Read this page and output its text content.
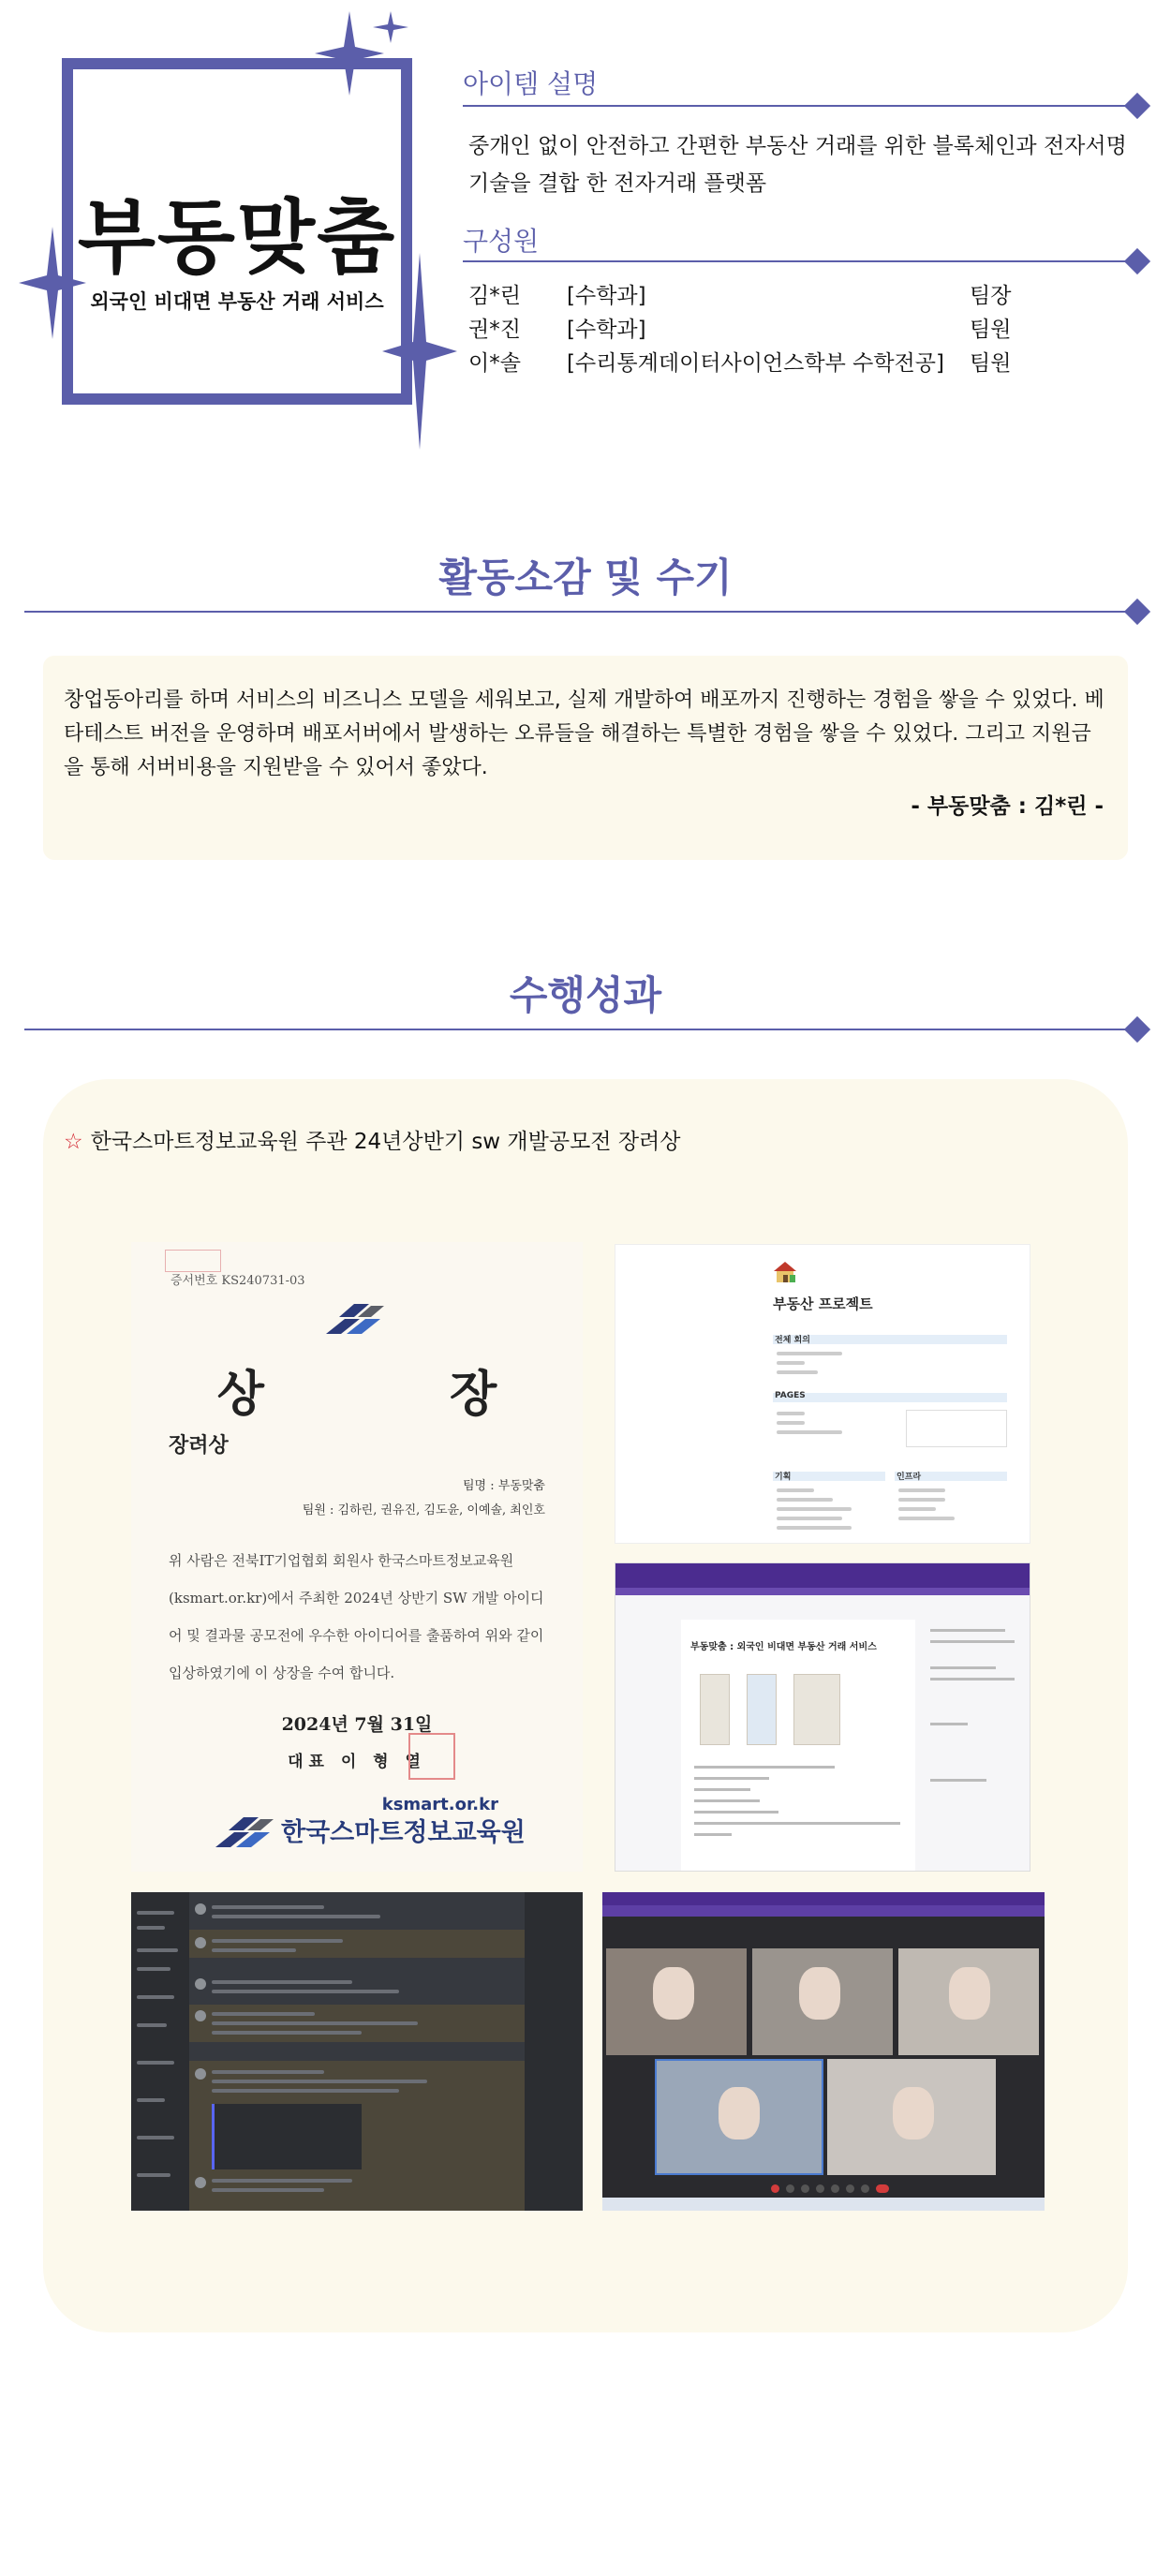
부동맞춤
외국인 비대면 부동산 거래 서비스
아이템 설명
중개인 없이 안전하고 간편한 부동산 거래를 위한 블록체인과 전자서명 기술을 결합 한 전자거래 플랫폼
구성원
김*린 [수학과]	팀장
권*진 [수학과]	팀원
이*솔 [수리통계데이터사이언스학부 수학전공] 팀원
활동소감 및 수기
창업동아리를 하며 서비스의 비즈니스 모델을 세워보고, 실제 개발하여 배포까지 진행하는 경험을 쌓을 수 있었다. 베타테스트 버전을 운영하며 배포서버에서 발생하는 오류들을 해결하는 특별한 경험을 쌓을 수 있었다. 그리고 지원금을 통해 서버비용을 지원받을 수 있어서 좋았다.
- 부동맞춤 : 김*린 -
수행성과
☆ 한국스마트정보교육원 주관 24년상반기 sw 개발공모전 장려상
증서번호 KS240731-03
상 장
장려상
팀명 : 부동맞춤
팀원 : 김하린, 권유진, 김도윤, 이예솔, 최인호
위 사람은 전북IT기업협회 회원사 한국스마트정보교육원 (ksmart.or.kr)에서 주최한 2024년 상반기 SW 개발 아이디어 및 결과물 공모전에 우수한 아이디어를 출품하여 위와 같이 입상하였기에 이 상장을 수여 합니다.
2024년 7월 31일
대표 이 형 열
ksmart.or.kr
한국스마트정보교육원
부동산 프로젝트
전체 회의
PAGES
기획	인프라
부동맞춤 : 외국인 비대면 부동산 거래 서비스
